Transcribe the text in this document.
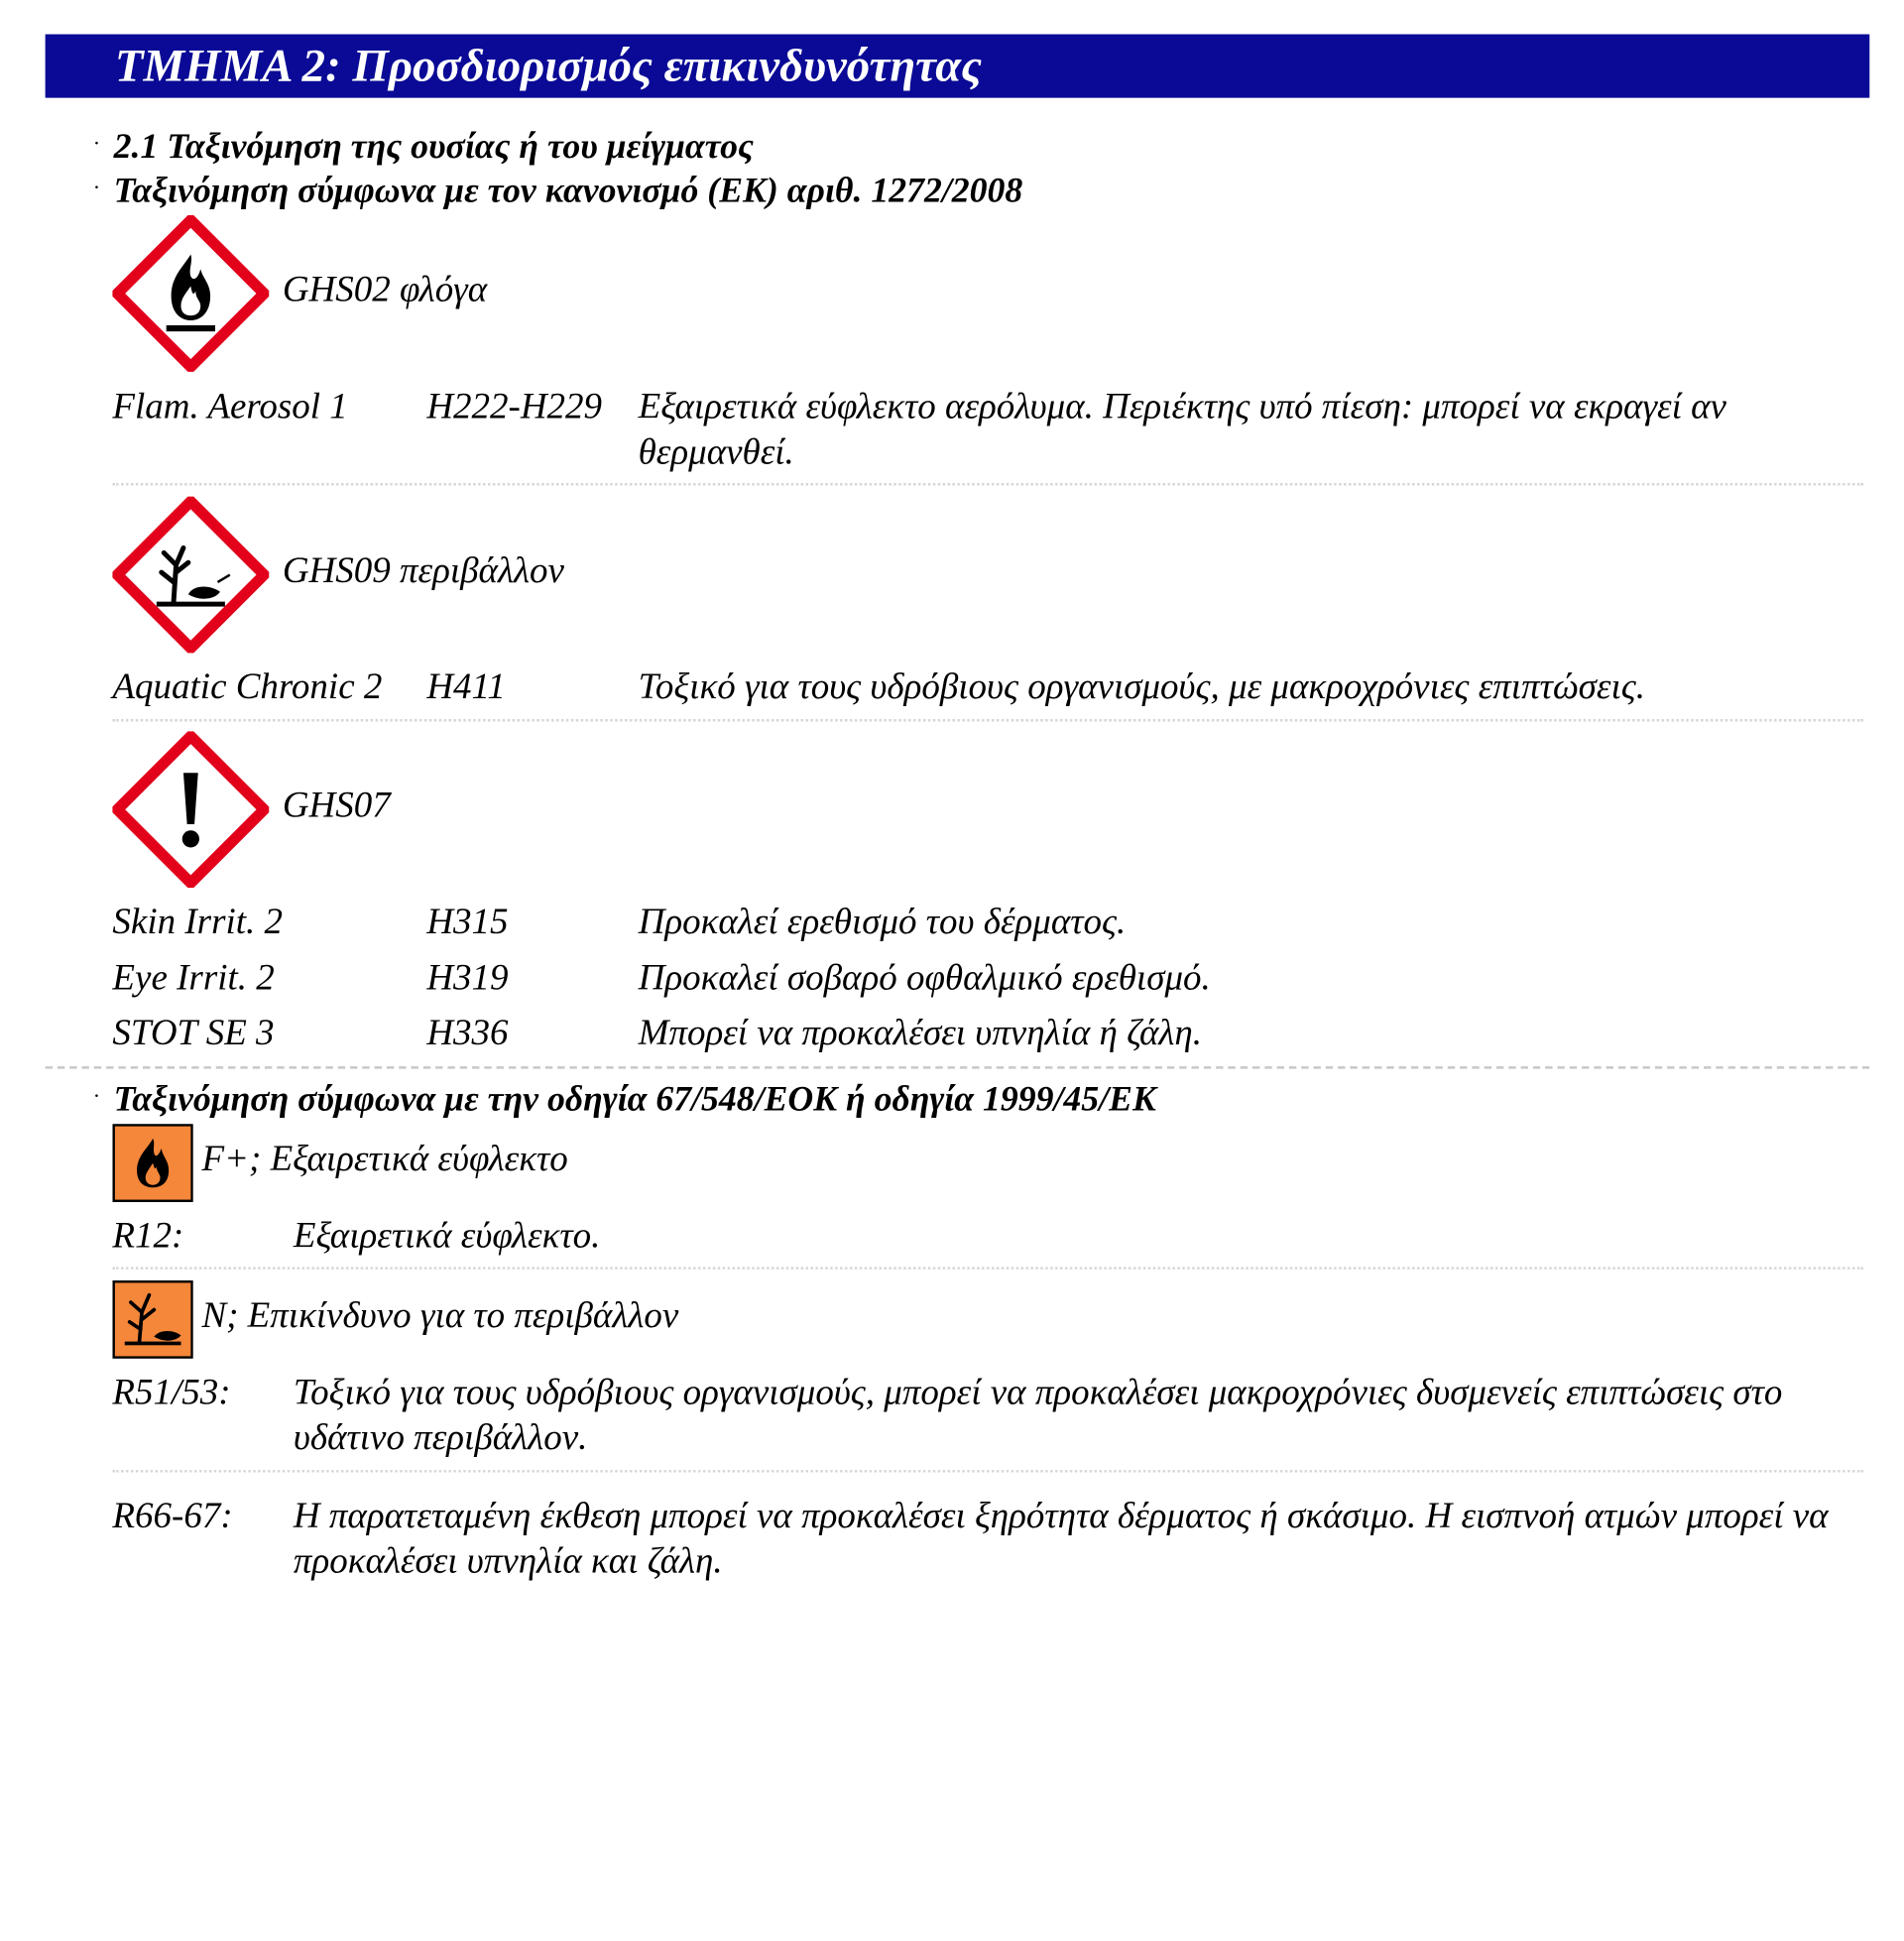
ΤΜΗΜΑ 2: Προσδιορισμός επικινδυνότητας
· 2.1 Ταξινόμηση της ουσίας ή του μείγματος
· Ταξινόμηση σύμφωνα με τον κανονισμό (ΕΚ) αριθ. 1272/2008
GHS02 φλόγα
Flam. Aerosol 1	H222-H229 Εξαιρετικά εύφλεκτο αερόλυμα. Περιέκτης υπό πίεση: μπορεί να εκραγεί αν θερμανθεί.
GHS09 περιβάλλον
Aquatic Chronic 2 H411	Τοξικό για τους υδρόβιους οργανισμούς, με μακροχρόνιες επιπτώσεις.
GHS07
Skin Irrit. 2	H315	Προκαλεί ερεθισμό του δέρματος.
Eye Irrit. 2	H319	Προκαλεί σοβαρό οφθαλμικό ερεθισμό.
STOT SE 3	H336	Μπορεί να προκαλέσει υπνηλία ή ζάλη.
· Ταξινόμηση σύμφωνα με την οδηγία 67/548/ΕΟΚ ή οδηγία 1999/45/ΕΚ
F+; Εξαιρετικά εύφλεκτο
R12:	Εξαιρετικά εύφλεκτο.
N; Επικίνδυνο για το περιβάλλον
R51/53: Τοξικό για τους υδρόβιους οργανισμούς, μπορεί να προκαλέσει μακροχρόνιες δυσμενείς επιπτώσεις στο υδάτινο περιβάλλον.
R66-67: Η παρατεταμένη έκθεση μπορεί να προκαλέσει ξηρότητα δέρματος ή σκάσιμο. Η εισπνοή ατμών μπορεί να προκαλέσει υπνηλία και ζάλη.
